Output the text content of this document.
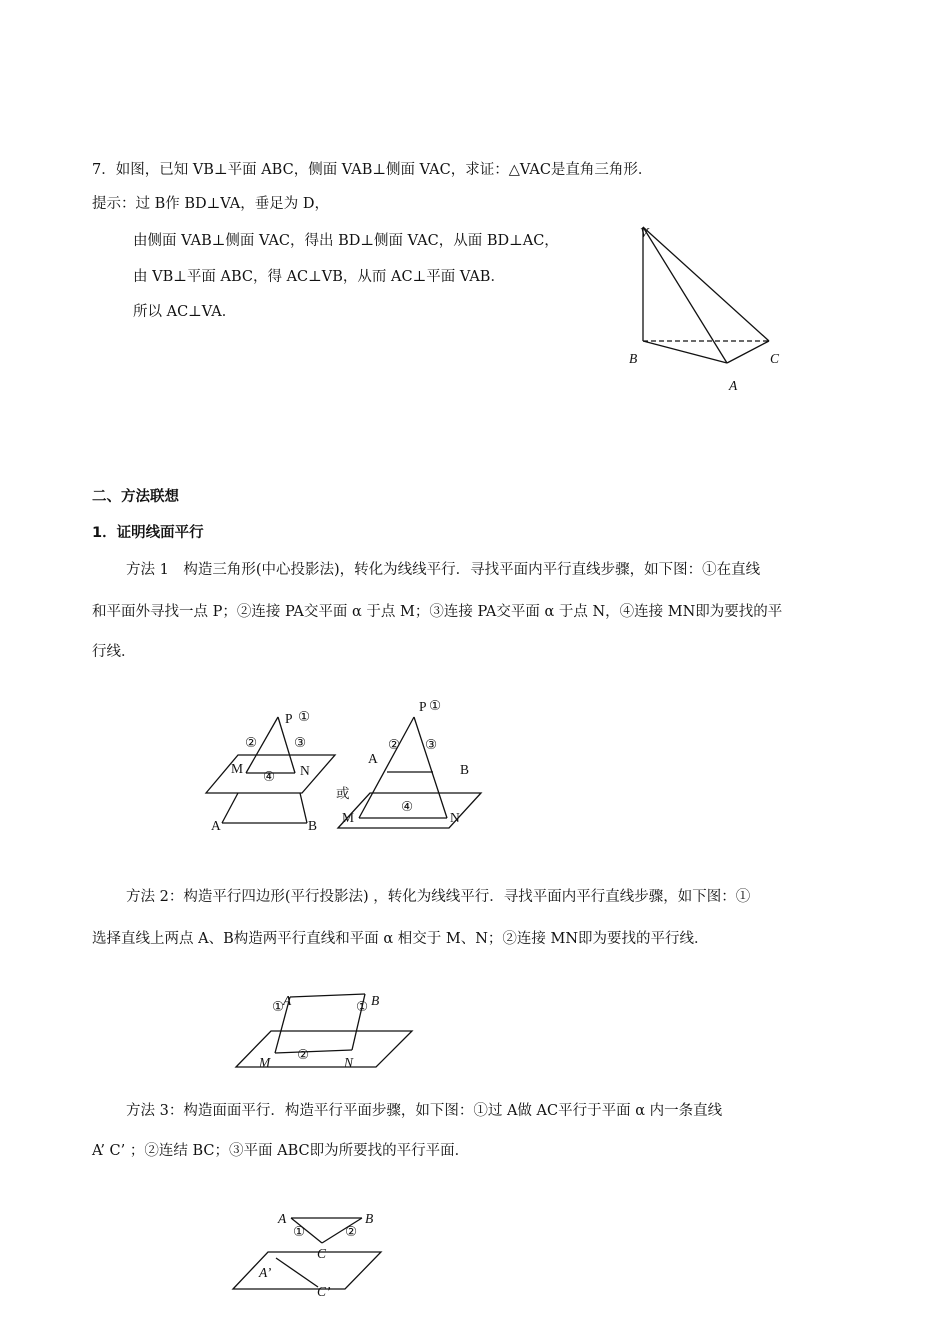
7．如图，已知 VB⊥平面 ABC，侧面 VAB⊥侧面 VAC，求证：△VAC是直角三角形．
提示：过 B作 BD⊥VA，垂足为 D，
由侧面 VAB⊥侧面 VAC，得出 BD⊥侧面 VAC，从面 BD⊥AC，
由 VB⊥平面 ABC，得 AC⊥VB，从而 AC⊥平面 VAB．
所以 AC⊥VA．
二、方法联想
1．证明线面平行
方法 1　构造三角形(中心投影法)，转化为线线平行．寻找平面内平行直线步骤，如下图：①在直线
和平面外寻找一点 P；②连接 PA交平面 α 于点 M；③连接 PA交平面 α 于点 N，④连接 MN即为要找的平
行线．
方法 2：构造平行四边形(平行投影法) ，转化为线线平行．寻找平面内平行直线步骤，如下图：①
选择直线上两点 A、B构造两平行直线和平面 α 相交于 M、N；②连接 MN即为要找的平行线．
方法 3：构造面面平行．构造平行平面步骤，如下图：①过 A做 AC平行于平面 α 内一条直线
A’ C’ ；②连结 BC；③平面 ABC即为所要找的平行平面．
V
B	C
A
P ①
②	③
M	N
④
A	B
或
P ①
② ③
A
B
④
M	N
①
A	① B
②
M	N
A	B
①	②
C
A’
C’
